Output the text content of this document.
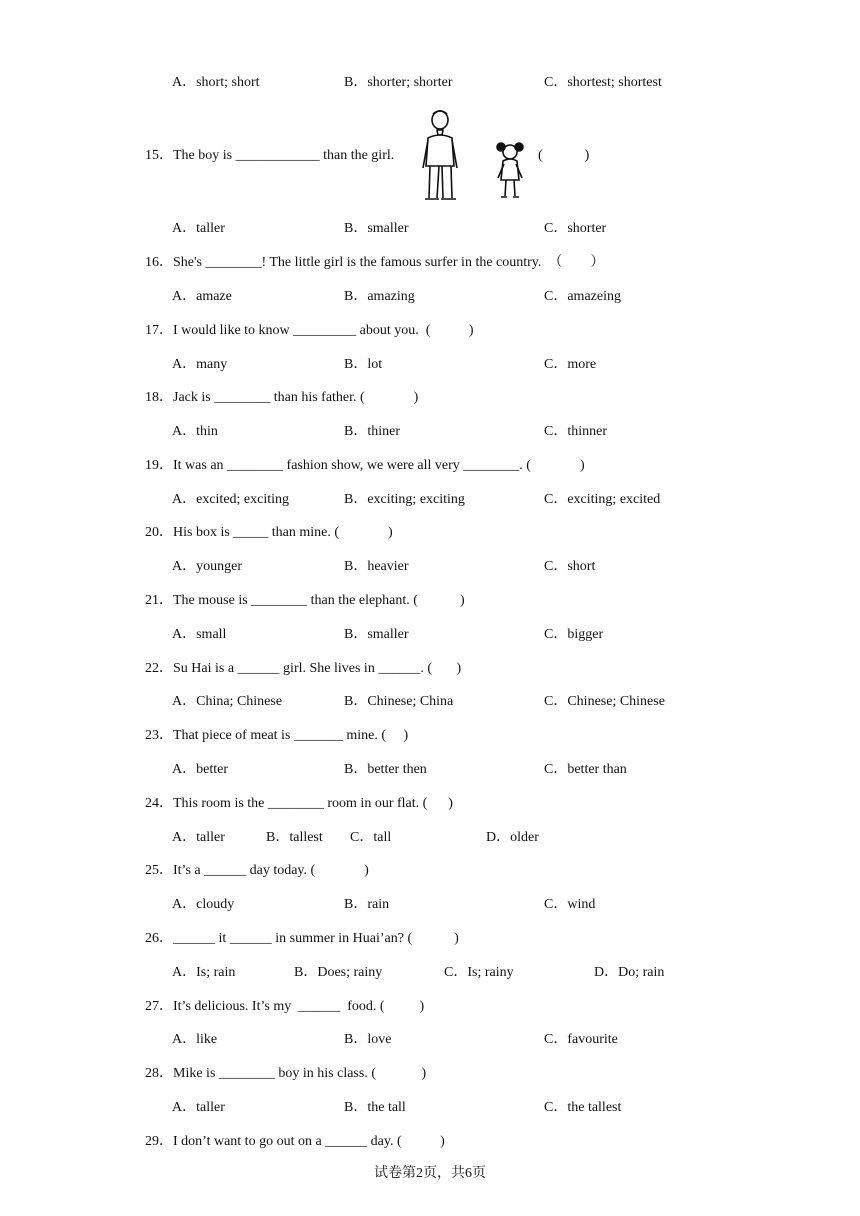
A．short; short	B．shorter; shorter	C．shortest; shortest
15．The boy is ____________ than the girl.	(            )
A．taller	B．smaller	C．shorter
16．She's ________! The little girl is the famous surfer in the country.  （        ）
A．amaze	B．amazing	C．amazeing
17．I would like to know _________ about you.  (           )
A．many	B．lot	C．more
18．Jack is ________ than his father. (              )
A．thin	B．thiner	C．thinner
19．It was an ________ fashion show, we were all very ________. (              )
A．excited; exciting	B．exciting; exciting	C．exciting; excited
20．His box is _____ than mine. (              )
A．younger	B．heavier	C．short
21．The mouse is ________ than the elephant. (            )
A．small	B．smaller	C．bigger
22．Su Hai is a ______ girl. She lives in ______. (       )
A．China; Chinese	B．Chinese; China	C．Chinese; Chinese
23．That piece of meat is _______ mine. (     )
A．better	B．better then	C．better than
24．This room is the ________ room in our flat. (      )
A．taller	B．tallest C．tall	D．older
25．It’s a ______ day today. (              )
A．cloudy	B．rain	C．wind
26．______ it ______ in summer in Huai’an? (            )
A．Is; rain	B．Does; rainy	C．Is; rainy	D．Do; rain
27．It’s delicious. It’s my  ______  food. (          )
A．like	B．love	C．favourite
28．Mike is ________ boy in his class. (             )
A．taller	B．the tall	C．the tallest
29．I don’t want to go out on a ______ day. (           )
试卷第2页，共6页
